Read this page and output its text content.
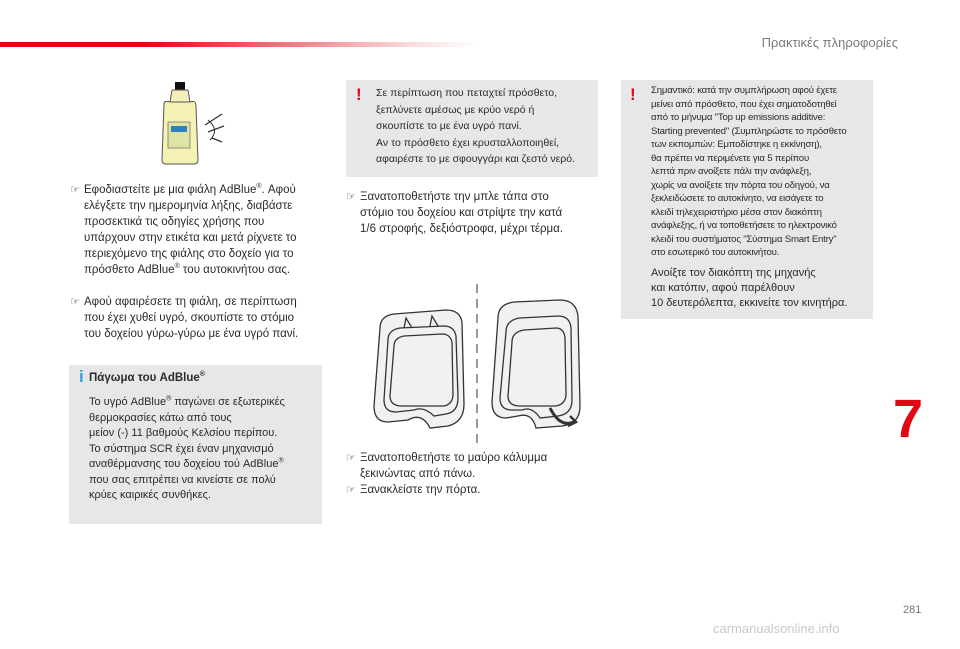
Πρακτικές πληροφορίες
☞ Εφοδιαστείτε με μια φιάλη AdBlue®. Αφού
ελέγξετε την ημερομηνία λήξης, διαβάστε
προσεκτικά τις οδηγίες χρήσης που
υπάρχουν στην ετικέτα και μετά ρίχνετε το
περιεχόμενο της φιάλης στο δοχείο για το
πρόσθετο AdBlue® του αυτοκινήτου σας.
☞ Αφού αφαιρέσετε τη φιάλη, σε περίπτωση
που έχει χυθεί υγρό, σκουπίστε το στόμιο
του δοχείου γύρω-γύρω με ένα υγρό πανί.
i Πάγωμα του AdBlue®
Το υγρό AdBlue® παγώνει σε εξωτερικές
θερμοκρασίες κάτω από τους
μείον (-) 11 βαθμούς Κελσίου περίπου.
Το σύστημα SCR έχει έναν μηχανισμό
αναθέρμανσης του δοχείου τού AdBlue®
που σας επιτρέπει να κινείστε σε πολύ
κρύες καιρικές συνθήκες.
! Σε περίπτωση που πεταχτεί πρόσθετο,
ξεπλύνετε αμέσως με κρύο νερό ή
σκουπίστε το με ένα υγρό πανί.
Αν το πρόσθετο έχει κρυσταλλοποιηθεί,
αφαιρέστε το με σφουγγάρι και ζεστό νερό.
☞ Ξανατοποθετήστε την μπλε τάπα στο
στόμιο του δοχείου και στρίψτε την κατά
1/6 στροφής, δεξιόστροφα, μέχρι τέρμα.
☞ Ξανατοποθετήστε το μαύρο κάλυμμα
ξεκινώντας από πάνω.
☞ Ξανακλείστε την πόρτα.
! Σημαντικό: κατά την συμπλήρωση αφού έχετε
μείνει από πρόσθετο, που έχει σηματοδοτηθεί
από το μήνυμα "Top up emissions additive:
Starting prevented" (Συμπληρώστε το πρόσθετο
των εκπομπών: Εμποδίστηκε η εκκίνηση),
θα πρέπει να περιμένετε για 5 περίπου
λεπτά πριν ανοίξετε πάλι την ανάφλεξη,
χωρίς να ανοίξετε την πόρτα του οδηγού, να
ξεκλειδώσετε το αυτοκίνητο, να εισάγετε το
κλειδί τηλεχειριστήριο μέσα στον διακόπτη
ανάφλεξης, ή να τοποθετήσετε το ηλεκτρονικό
κλειδί του συστήματος "Σύστημα Smart Entry"
στο εσωτερικό του αυτοκινήτου.
Ανοίξτε τον διακόπτη της μηχανής
και κατόπιν, αφού παρέλθουν
10 δευτερόλεπτα, εκκινείτε τον κινητήρα.
7
281
carmanualsonline.info
